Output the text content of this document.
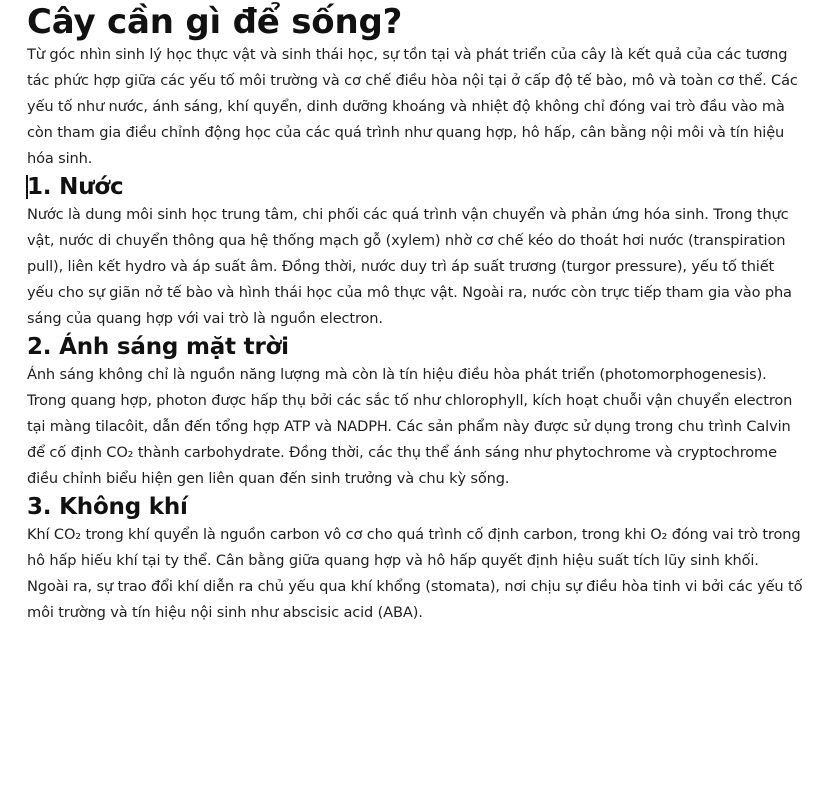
Cây cần gì để sống?

Từ góc nhìn sinh lý học thực vật và sinh thái học, sự tồn tại và phát triển của cây là kết quả của các tương tác phức hợp giữa các yếu tố môi trường và cơ chế điều hòa nội tại ở cấp độ tế bào, mô và toàn cơ thể. Các yếu tố như nước, ánh sáng, khí quyển, dinh dưỡng khoáng và nhiệt độ không chỉ đóng vai trò đầu vào mà còn tham gia điều chỉnh động học của các quá trình như quang hợp, hô hấp, cân bằng nội môi và tín hiệu hóa sinh.

1. Nước

Nước là dung môi sinh học trung tâm, chi phối các quá trình vận chuyển và phản ứng hóa sinh. Trong thực vật, nước di chuyển thông qua hệ thống mạch gỗ (xylem) nhờ cơ chế kéo do thoát hơi nước (transpiration pull), liên kết hydro và áp suất âm. Đồng thời, nước duy trì áp suất trương (turgor pressure), yếu tố thiết yếu cho sự giãn nở tế bào và hình thái học của mô thực vật. Ngoài ra, nước còn trực tiếp tham gia vào pha sáng của quang hợp với vai trò là nguồn electron.

2. Ánh sáng mặt trời

Ánh sáng không chỉ là nguồn năng lượng mà còn là tín hiệu điều hòa phát triển (photomorphogenesis). Trong quang hợp, photon được hấp thụ bởi các sắc tố như chlorophyll, kích hoạt chuỗi vận chuyển electron tại màng tilacôit, dẫn đến tổng hợp ATP và NADPH. Các sản phẩm này được sử dụng trong chu trình Calvin để cố định CO₂ thành carbohydrate. Đồng thời, các thụ thể ánh sáng như phytochrome và cryptochrome điều chỉnh biểu hiện gen liên quan đến sinh trưởng và chu kỳ sống.

3. Không khí

Khí CO₂ trong khí quyển là nguồn carbon vô cơ cho quá trình cố định carbon, trong khi O₂ đóng vai trò trong hô hấp hiếu khí tại ty thể. Cân bằng giữa quang hợp và hô hấp quyết định hiệu suất tích lũy sinh khối. Ngoài ra, sự trao đổi khí diễn ra chủ yếu qua khí khổng (stomata), nơi chịu sự điều hòa tinh vi bởi các yếu tố môi trường và tín hiệu nội sinh như abscisic acid (ABA).
